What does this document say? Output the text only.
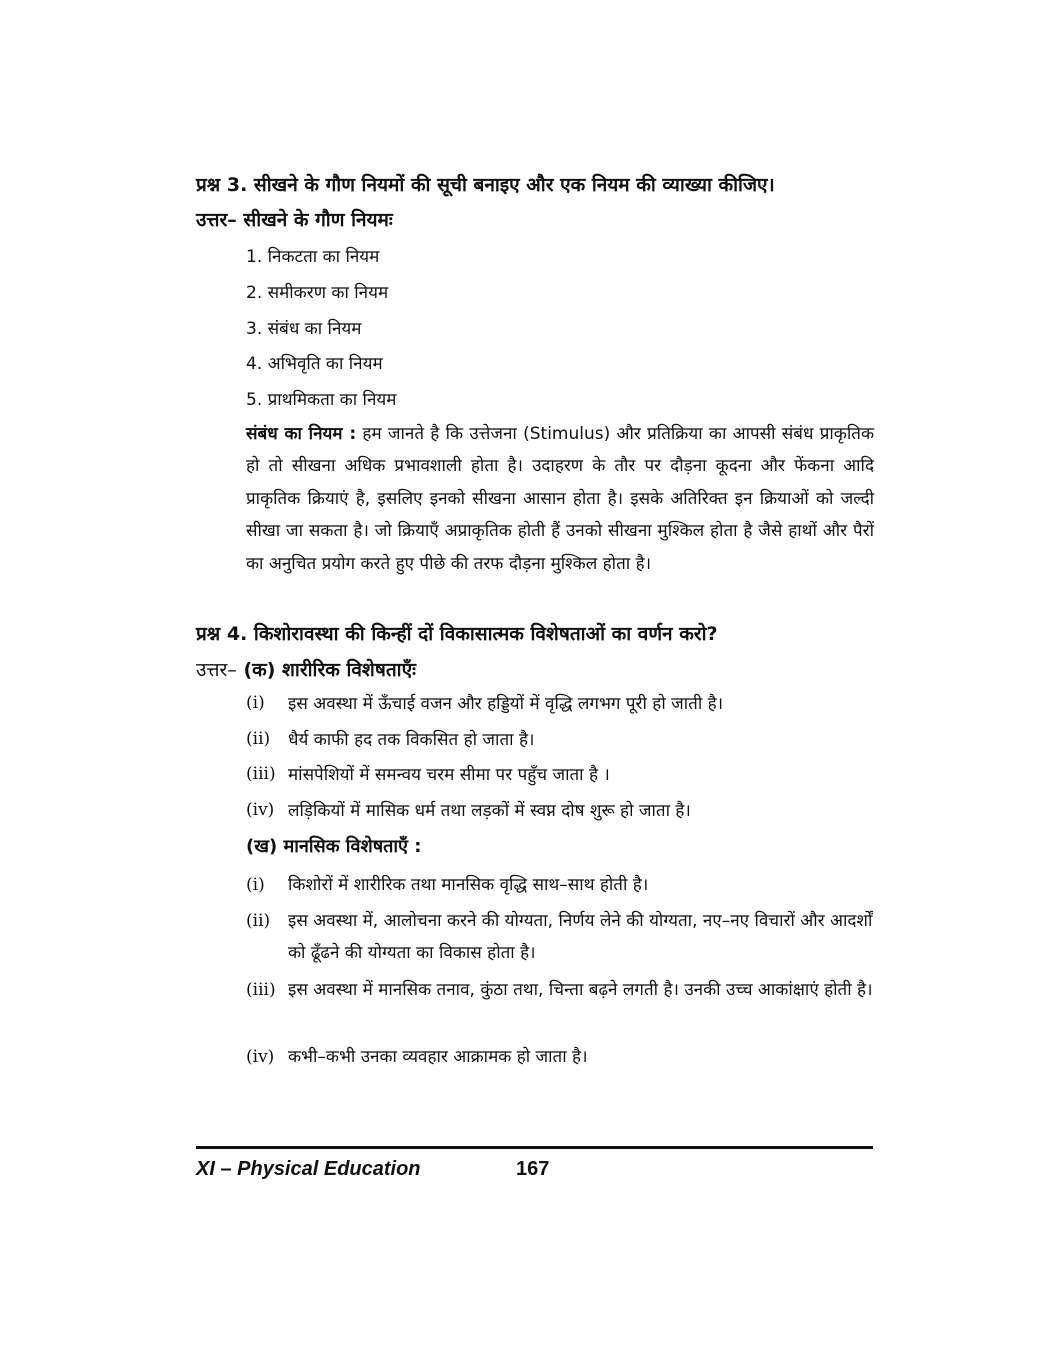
प्रश्न 3. सीखने के गौण नियमों की सूची बनाइए और एक नियम की व्याख्या कीजिए।
उत्तर– सीखने के गौण नियमः
1. निकटता का नियम
2. समीकरण का नियम
3. संबंध का नियम
4. अभिवृति का नियम
5. प्राथमिकता का नियम
संबंध का नियम : हम जानते है कि उत्तेजना (Stimulus) और प्रतिक्रिया का आपसी संबंध प्राकृतिक हो तो सीखना अधिक प्रभावशाली होता है। उदाहरण के तौर पर दौड़ना कूदना और फेंकना आदि प्राकृतिक क्रियाएं है, इसलिए इनको सीखना आसान होता है। इसके अतिरिक्त इन क्रियाओं को जल्दी सीखा जा सकता है। जो क्रियाएँ अप्राकृतिक होती हैं उनको सीखना मुश्किल होता है जैसे हाथों और पैरों का अनुचित प्रयोग करते हुए पीछे की तरफ दौड़ना मुश्किल होता है।
प्रश्न 4. किशोरावस्था की किन्हीं दों विकासात्मक विशेषताओं का वर्णन करो?
उत्तर– (क) शारीरिक विशेषताएँः
(i) इस अवस्था में ऊँचाई वजन और हड्डियों में वृद्धि लगभग पूरी हो जाती है।
(ii) धैर्य काफी हद तक विकसित हो जाता है।
(iii) मांसपेशियों में समन्वय चरम सीमा पर पहुँच जाता है ।
(iv) लड़िकियों में मासिक धर्म तथा लड़कों में स्वप्न दोष शुरू हो जाता है।
(ख) मानसिक विशेषताएँ :
(i) किशोरों में शारीरिक तथा मानसिक वृद्धि साथ–साथ होती है।
(ii) इस अवस्था में, आलोचना करने की योग्यता, निर्णय लेने की योग्यता, नए–नए विचारों और आदर्शों को ढूँढने की योग्यता का विकास होता है।
(iii) इस अवस्था में मानसिक तनाव, कुंठा तथा, चिन्ता बढ़ने लगती है। उनकी उच्च आकांक्षाएं होती है।
(iv) कभी–कभी उनका व्यवहार आक्रामक हो जाता है।
XI – Physical Education	167
